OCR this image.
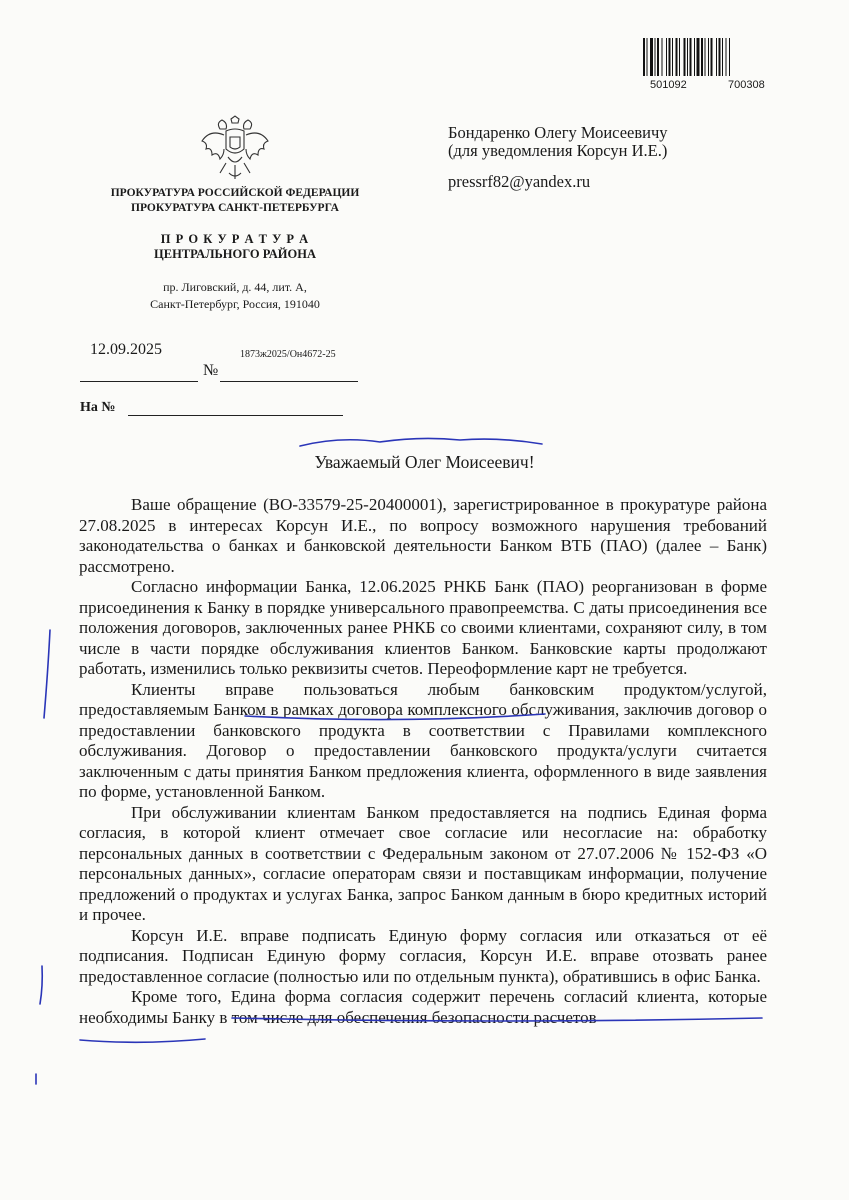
501092	700308
ПРОКУРАТУРА РОССИЙСКОЙ ФЕДЕРАЦИИ
ПРОКУРАТУРА САНКТ-ПЕТЕРБУРГА
П Р О К У Р А Т У Р А
ЦЕНТРАЛЬНОГО РАЙОНА
пр. Лиговский, д. 44, лит. А,
Санкт-Петербург, Россия, 191040
12.09.2025
№
1873ж2025/Он4672-25
На №
Бондаренко Олегу Моисеевичу
(для уведомления Корсун И.Е.)
pressrf82@yandex.ru
Уважаемый Олег Моисеевич!

Ваше обращение (ВО-33579-25-20400001), зарегистрированное в прокуратуре района 27.08.2025 в интересах Корсун И.Е., по вопросу возможного нарушения требований законодательства о банках и банковской деятельности Банком ВТБ (ПАО) (далее – Банк) рассмотрено.

Согласно информации Банка, 12.06.2025 РНКБ Банк (ПАО) реорганизован в форме присоединения к Банку в порядке универсального правопреемства. С даты присоединения все положения договоров, заключенных ранее РНКБ со своими клиентами, сохраняют силу, в том числе в части порядке обслуживания клиентов Банком. Банковские карты продолжают работать, изменились только реквизиты счетов. Переоформление карт не требуется.

Клиенты вправе пользоваться любым банковским продуктом/услугой, предоставляемым Банком в рамках договора комплексного обслуживания, заключив договор о предоставлении банковского продукта в соответствии с Правилами комплексного обслуживания. Договор о предоставлении банковского продукта/услуги считается заключенным с даты принятия Банком предложения клиента, оформленного в виде заявления по форме, установленной Банком.

При обслуживании клиентам Банком предоставляется на подпись Единая форма согласия, в которой клиент отмечает свое согласие или несогласие на: обработку персональных данных в соответствии с Федеральным законом от 27.07.2006 № 152-ФЗ «О персональных данных», согласие операторам связи и поставщикам информации, получение предложений о продуктах и услугах Банка, запрос Банком данным в бюро кредитных историй и прочее.

Корсун И.Е. вправе подписать Единую форму согласия или отказаться от её подписания. Подписан Единую форму согласия, Корсун И.Е. вправе отозвать ранее предоставленное согласие (полностью или по отдельным пункта), обратившись в офис Банка.

Кроме того, Едина форма согласия содержит перечень согласий клиента, которые необходимы Банку в том числе для обеспечения безопасности расчетов
